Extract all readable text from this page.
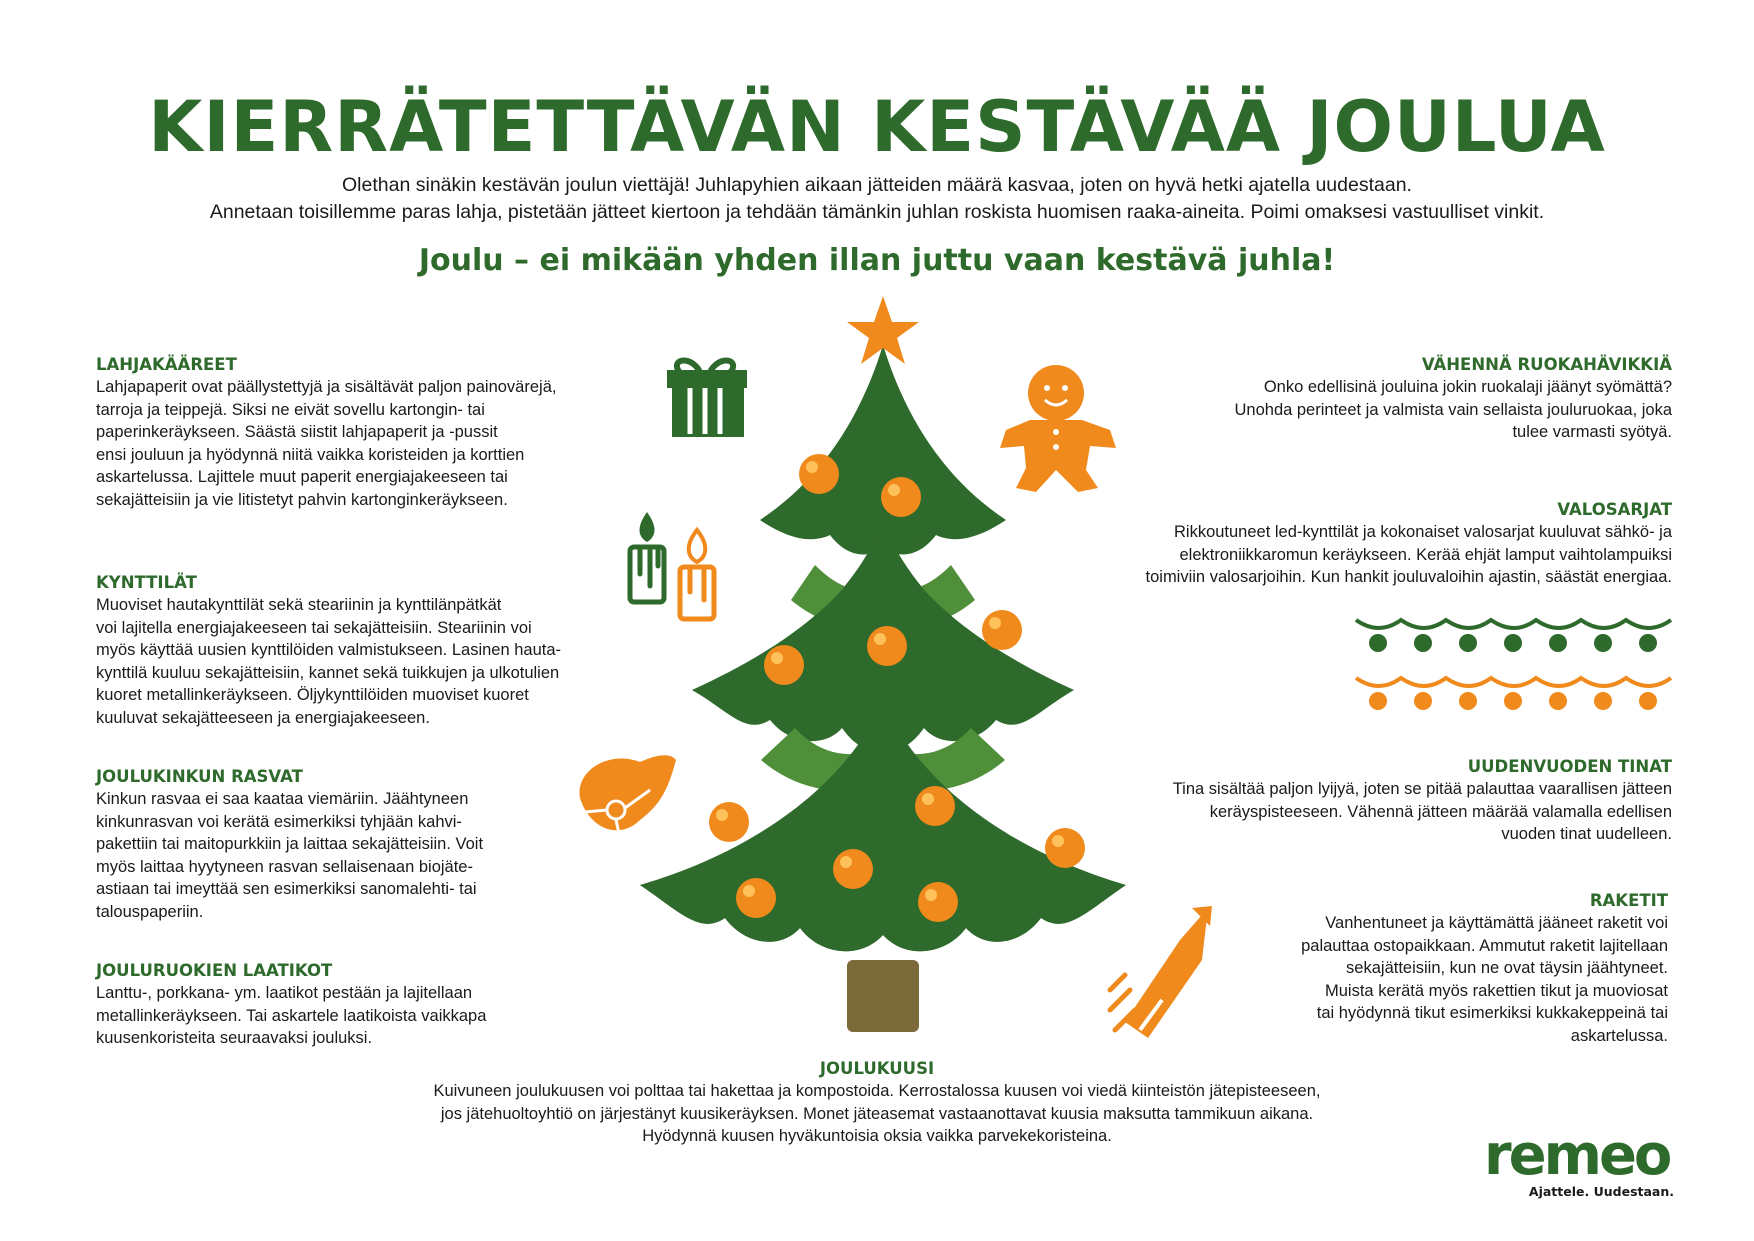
KIERRÄTETTÄVÄN KESTÄVÄÄ JOULUA

Olethan sinäkin kestävän joulun viettäjä! Juhlapyhien aikaan jätteiden määrä kasvaa, joten on hyvä hetki ajatella uudestaan.

Annetaan toisillemme paras lahja, pistetään jätteet kiertoon ja tehdään tämänkin juhlan roskista huomisen raaka-aineita. Poimi omaksesi vastuulliset vinkit.

Joulu – ei mikään yhden illan juttu vaan kestävä juhla!
LAHJAKÄÄREET

Lahjapaperit ovat päällystettyjä ja sisältävät paljon painovärejä,
tarroja ja teippejä. Siksi ne eivät sovellu kartongin- tai
paperinkeräykseen. Säästä siistit lahjapaperit ja -pussit
ensi jouluun ja hyödynnä niitä vaikka koristeiden ja korttien
askartelussa. Lajittele muut paperit energiajakeeseen tai
sekajätteisiin ja vie litistetyt pahvin kartonginkeräykseen.

KYNTTILÄT

Muoviset hautakynttilät sekä steariinin ja kynttilänpätkät
voi lajitella energiajakeeseen tai sekajätteisiin. Steariinin voi
myös käyttää uusien kynttilöiden valmistukseen. Lasinen hauta-
kynttilä kuuluu sekajätteisiin, kannet sekä tuikkujen ja ulkotulien
kuoret metallinkeräykseen. Öljykynttilöiden muoviset kuoret
kuuluvat sekajätteeseen ja energiajakeeseen.

JOULUKINKUN RASVAT

Kinkun rasvaa ei saa kaataa viemäriin. Jäähtyneen
kinkunrasvan voi kerätä esimerkiksi tyhjään kahvi-
pakettiin tai maitopurkkiin ja laittaa sekajätteisiin. Voit
myös laittaa hyytyneen rasvan sellaisenaan biojäte-
astiaan tai imeyttää sen esimerkiksi sanomalehti- tai
talouspaperiin.

JOULURUOKIEN LAATIKOT

Lanttu-, porkkana- ym. laatikot pestään ja lajitellaan
metallinkeräykseen. Tai askartele laatikoista vaikkapa
kuusenkoristeita seuraavaksi jouluksi.

VÄHENNÄ RUOKAHÄVIKKIÄ

Onko edellisinä jouluina jokin ruokalaji jäänyt syömättä?
Unohda perinteet ja valmista vain sellaista jouluruokaa, joka
tulee varmasti syötyä.

VALOSARJAT

Rikkoutuneet led-kynttilät ja kokonaiset valosarjat kuuluvat sähkö- ja
elektroniikkaromun keräykseen. Kerää ehjät lamput vaihtolampuiksi
toimiviin valosarjoihin. Kun hankit jouluvaloihin ajastin, säästät energiaa.

UUDENVUODEN TINAT

Tina sisältää paljon lyijyä, joten se pitää palauttaa vaarallisen jätteen
keräyspisteeseen. Vähennä jätteen määrää valamalla edellisen
vuoden tinat uudelleen.

RAKETIT

Vanhentuneet ja käyttämättä jääneet raketit voi
palauttaa ostopaikkaan. Ammutut raketit lajitellaan
sekajätteisiin, kun ne ovat täysin jäähtyneet.
Muista kerätä myös rakettien tikut ja muoviosat
tai hyödynnä tikut esimerkiksi kukkakeppeinä tai
askartelussa.

JOULUKUUSI

Kuivuneen joulukuusen voi polttaa tai hakettaa ja kompostoida. Kerrostalossa kuusen voi viedä kiinteistön jätepisteeseen,
jos jätehuoltoyhtiö on järjestänyt kuusikeräyksen. Monet jäteasemat vastaanottavat kuusia maksutta tammikuun aikana.
Hyödynnä kuusen hyväkuntoisia oksia vaikka parvekekoristeina.	remeo
Ajattele. Uudestaan.
